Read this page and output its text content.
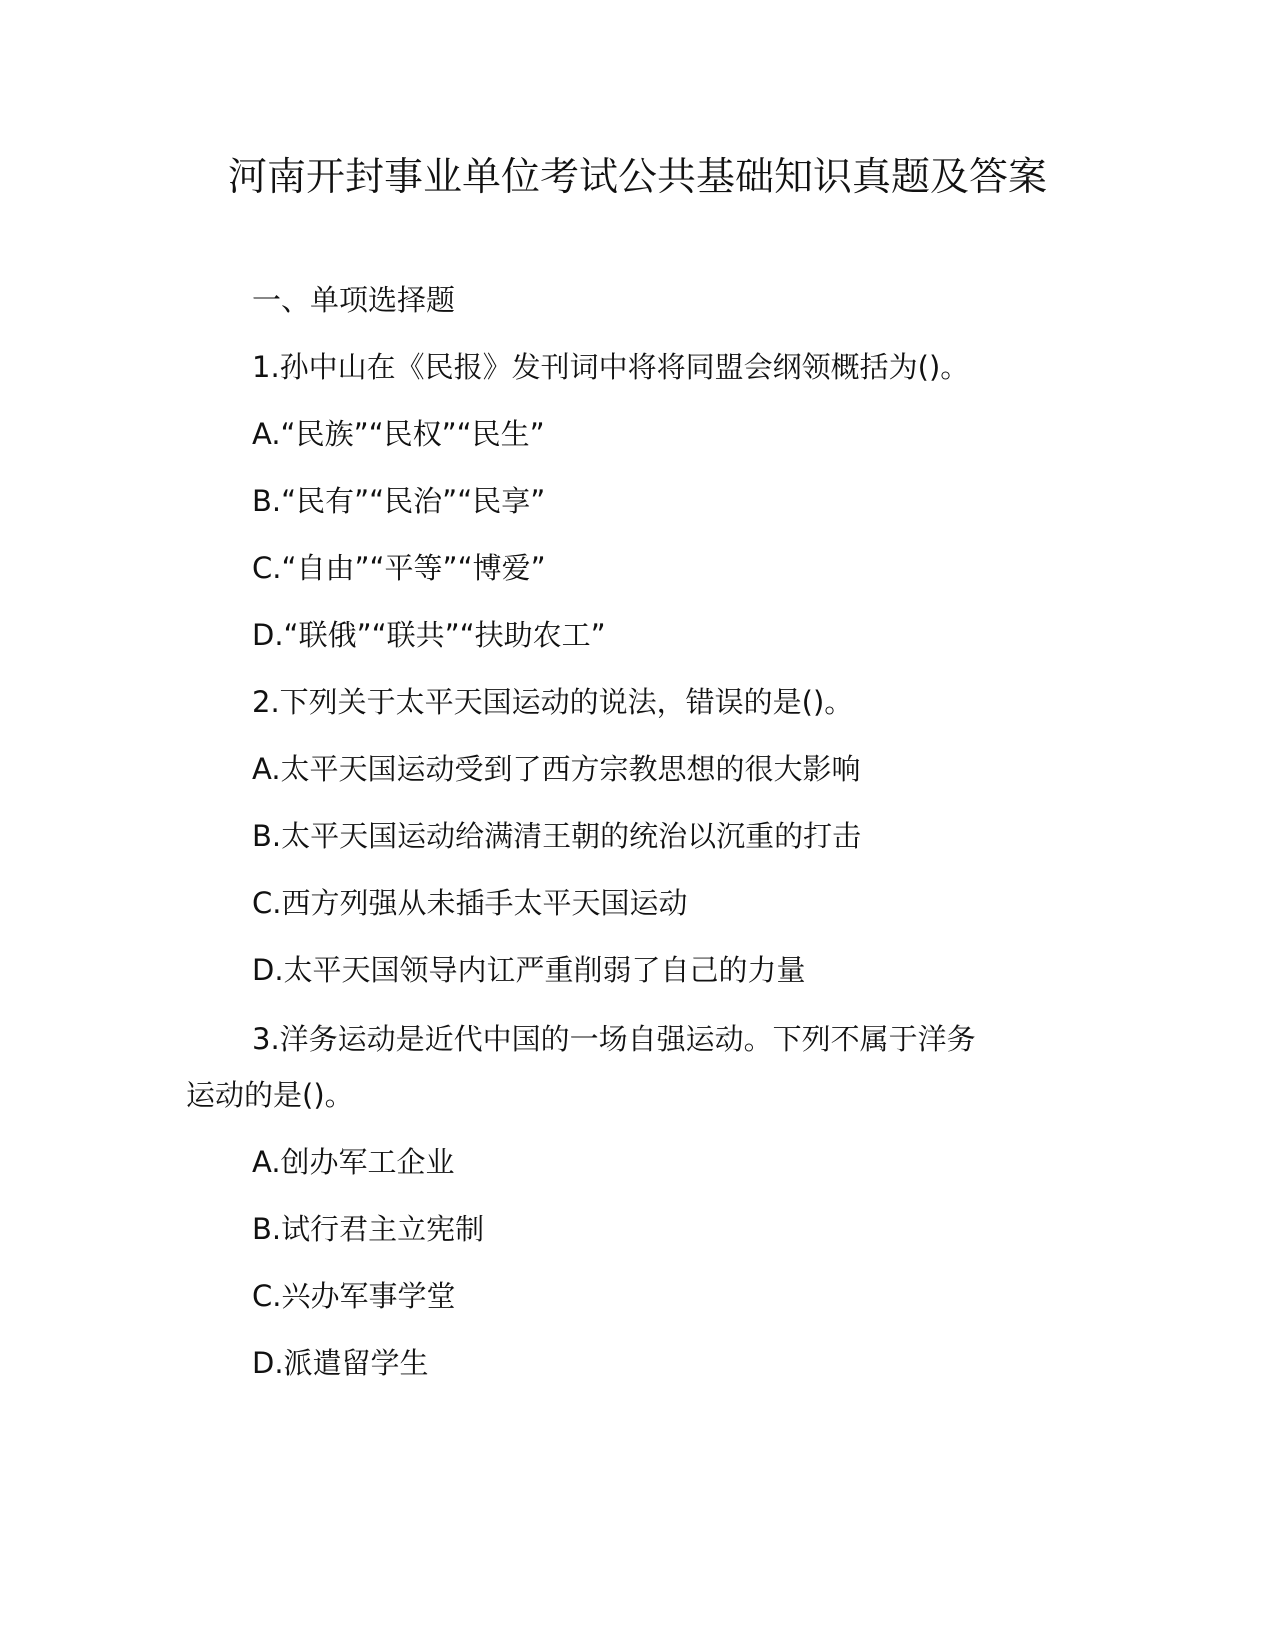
河南开封事业单位考试公共基础知识真题及答案

一、单项选择题

1.孙中山在《民报》发刊词中将将同盟会纲领概括为()。

A.“民族”“民权”“民生”

B.“民有”“民治”“民享”

C.“自由”“平等”“博爱”

D.“联俄”“联共”“扶助农工”

2.下列关于太平天国运动的说法，错误的是()。

A.太平天国运动受到了西方宗教思想的很大影响

B.太平天国运动给满清王朝的统治以沉重的打击

C.西方列强从未插手太平天国运动

D.太平天国领导内讧严重削弱了自己的力量

3.洋务运动是近代中国的一场自强运动。下列不属于洋务

运动的是()。

A.创办军工企业

B.试行君主立宪制

C.兴办军事学堂

D.派遣留学生
